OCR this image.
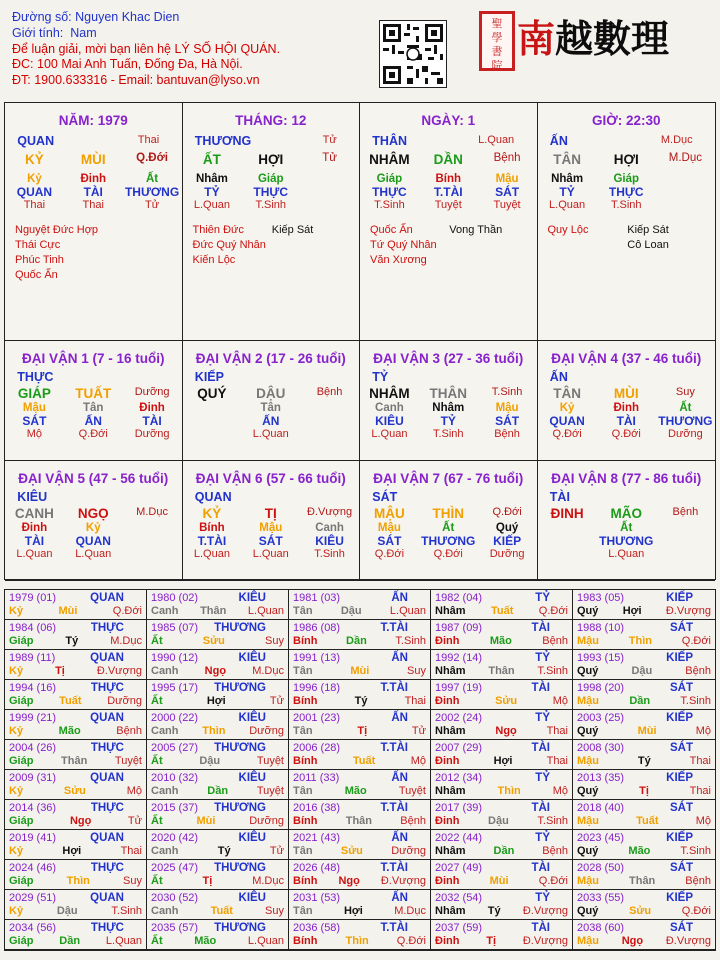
Đường số: Nguyen Khac Dien
Giới tính: Nam
Để luận giải, mời bạn liên hệ LÝ SỐ HỘI QUÁN.
ĐC: 100 Mai Anh Tuấn, Đống Đa, Hà Nội.
ĐT: 1900.633316 - Email: bantuvan@lyso.vn
聖
學
書
院
南越數理
NĂM: 1979
QUAN	Thai
KỶ	MÙI	Q.Đới
Kỷ	Đinh	Ất
QUAN	TÀI	THƯƠNG
Thai	Thai	Tử
Nguyệt Đức Hợp
Thái Cực
Phúc Tinh
Quốc Ấn
THÁNG: 12
THƯƠNG	Tử
ẤT	HỢI	Tử
Nhâm	Giáp
TỶ	THỰC
L.Quan	T.Sinh
Thiên Đức
Đức Quý Nhân
Kiến Lộc
Kiếp Sát
NGÀY: 1
THÂN	L.Quan
NHÂM	DẦN	Bệnh
Giáp	Bính	Mậu
THỰC	T.TÀI	SÁT
T.Sinh	Tuyệt	Tuyệt
Quốc Ấn
Tứ Quý Nhân
Văn Xương
Vong Thần
GIỜ: 22:30
ẤN	M.Dục
TÂN	HỢI	M.Dục
Nhâm	Giáp
TỶ	THỰC
L.Quan	T.Sinh
Quy Lộc	Kiếp Sát
Cô Loan
ĐẠI VẬN 1 (7 - 16 tuổi)
THỰC
GIÁP	TUẤT	Dưỡng
Mậu	Tân	Đinh
SÁT	ẤN	TÀI
Mộ	Q.Đới	Dưỡng
ĐẠI VẬN 2 (17 - 26 tuổi)
KIẾP
QUÝ	DẬU	Bệnh
Tân
ẤN
L.Quan
ĐẠI VẬN 3 (27 - 36 tuổi)
TỶ
NHÂM	THÂN	T.Sinh
Canh	Nhâm	Mậu
KIÊU	TỶ	SÁT
L.Quan	T.Sinh	Bệnh
ĐẠI VẬN 4 (37 - 46 tuổi)
ẤN
TÂN	MÙI	Suy
Kỷ	Đinh	Ất
QUAN	TÀI	THƯƠNG
Q.Đới	Q.Đới	Dưỡng
ĐẠI VẬN 5 (47 - 56 tuổi)
KIÊU
CANH	NGỌ	M.Dục
Đinh	Kỷ
TÀI	QUAN
L.Quan	L.Quan
ĐẠI VẬN 6 (57 - 66 tuổi)
QUAN
KỶ	TỊ	Đ.Vượng
Bính	Mậu	Canh
T.TÀI	SÁT	KIÊU
L.Quan	L.Quan	T.Sinh
ĐẠI VẬN 7 (67 - 76 tuổi)
SÁT
MẬU	THÌN	Q.Đới
Mậu	Ất	Quý
SÁT	THƯƠNG	KIẾP
Q.Đới	Q.Đới	Dưỡng
ĐẠI VẬN 8 (77 - 86 tuổi)
TÀI
ĐINH	MÃO	Bệnh
Ất
THƯƠNG
L.Quan
1979 (01)	QUAN
Kỷ	Mùi	Q.Đới
1980 (02)	KIÊU
Canh Thân L.Quan
1981 (03)	ẤN
Tân	Dậu	L.Quan
1982 (04)	TỶ
Nhâm Tuất Q.Đới
1983 (05)	KIẾP
Quý Hợi Đ.Vượng
1984 (06)	THỰC
Giáp	Tý	M.Dục
1985 (07) THƯƠNG
Ất	Sửu	Suy
1986 (08)	T.TÀI
Bính	Dần	T.Sinh
1987 (09)	TÀI
Đinh	Mão	Bệnh
1988 (10)	SÁT
Mậu	Thìn	Q.Đới
1989 (11)	QUAN
Kỷ	Tị	Đ.Vượng
1990 (12)	KIÊU
Canh Ngọ M.Dục
1991 (13)	ẤN
Tân	Mùi	Suy
1992 (14)	TỶ
Nhâm Thân T.Sinh
1993 (15)	KIẾP
Quý	Dậu	Bệnh
1994 (16)	THỰC
Giáp Tuất Dưỡng
1995 (17) THƯƠNG
Ất	Hợi	Tử
1996 (18)	T.TÀI
Bính	Tý	Thai
1997 (19)	TÀI
Đinh	Sửu	Mộ
1998 (20)	SÁT
Mậu	Dần	T.Sinh
1999 (21)	QUAN
Kỷ	Mão	Bệnh
2000 (22)	KIÊU
Canh Thìn Dưỡng
2001 (23)	ẤN
Tân	Tị	Tử
2002 (24)	TỶ
Nhâm	Ngọ	Thai
2003 (25)	KIẾP
Quý	Mùi	Mộ
2004 (26)	THỰC
Giáp	Thân	Tuyệt
2005 (27) THƯƠNG
Ất	Dậu	Tuyệt
2006 (28)	T.TÀI
Bính	Tuất	Mộ
2007 (29)	TÀI
Đinh	Hợi	Thai
2008 (30)	SÁT
Mậu	Tý	Thai
2009 (31)	QUAN
Kỷ	Sửu	Mộ
2010 (32)	KIÊU
Canh	Dần	Tuyệt
2011 (33)	ẤN
Tân	Mão	Tuyệt
2012 (34)	TỶ
Nhâm	Thìn	Mộ
2013 (35)	KIẾP
Quý	Tị	Thai
2014 (36)	THỰC
Giáp	Ngọ	Tử
2015 (37) THƯƠNG
Ất	Mùi	Dưỡng
2016 (38)	T.TÀI
Bính	Thân	Bệnh
2017 (39)	TÀI
Đinh	Dậu	T.Sinh
2018 (40)	SÁT
Mậu	Tuất	Mộ
2019 (41)	QUAN
Kỷ	Hợi	Thai
2020 (42)	KIÊU
Canh	Tý	Tử
2021 (43)	ẤN
Tân	Sửu	Dưỡng
2022 (44)	TỶ
Nhâm	Dần	Bệnh
2023 (45)	KIẾP
Quý	Mão	T.Sinh
2024 (46)	THỰC
Giáp	Thìn	Suy
2025 (47) THƯƠNG
Ất	Tị	M.Dục
2026 (48)	T.TÀI
Bính Ngọ Đ.Vượng
2027 (49)	TÀI
Đinh	Mùi	Q.Đới
2028 (50)	SÁT
Mậu	Thân	Bệnh
2029 (51)	QUAN
Kỷ	Dậu	T.Sinh
2030 (52)	KIÊU
Canh	Tuất	Suy
2031 (53)	ẤN
Tân	Hợi	M.Dục
2032 (54)	TỶ
Nhâm Tý Đ.Vượng
2033 (55)	KIẾP
Quý	Sửu	Q.Đới
2034 (56)	THỰC
Giáp Dần L.Quan
2035 (57) THƯƠNG
Ất	Mão	L.Quan
2036 (58)	T.TÀI
Bính	Thìn	Q.Đới
2037 (59)	TÀI
Đinh Tị Đ.Vượng
2038 (60)	SÁT
Mậu Ngọ Đ.Vượng
